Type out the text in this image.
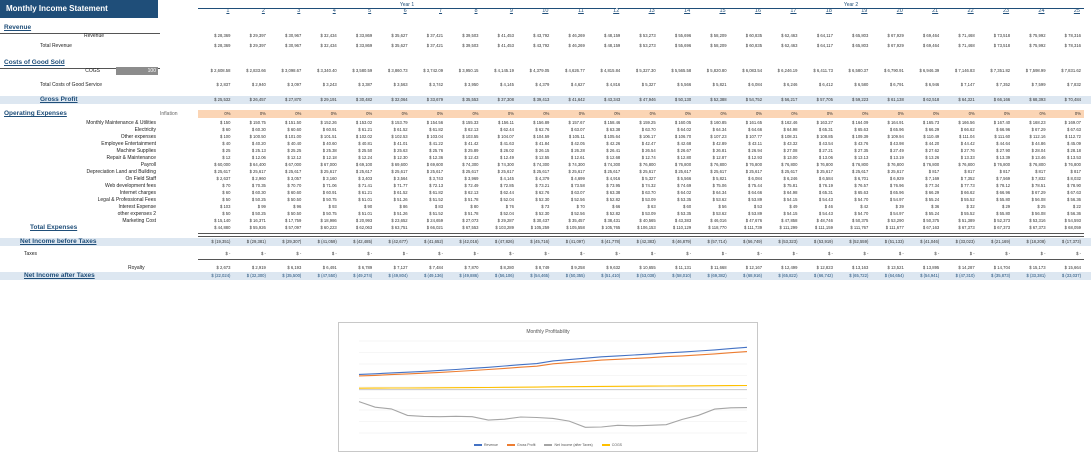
Monthly Income Statement	Year 1	Year 2
1	2	3	4	5	6	7	8	9	10	11	12	13	14	15	16	17	18	19	20	21	22	23	24	25
Revenue
Revenue	$ 28,369	$ 29,397	$ 30,967	$ 32,434	$ 33,869	$ 35,627	$ 37,421	$ 39,503	$ 41,453	$ 43,792	$ 46,269	$ 48,159	$ 53,273	$ 55,696	$ 58,209	$ 60,835	$ 62,463	$ 64,117	$ 65,803	$ 67,929	$ 69,464	$ 71,468	$ 73,518	$ 75,992	$ 78,316
Total Revenue	$ 28,369	$ 29,397	$ 30,967	$ 32,434	$ 33,869	$ 35,627	$ 37,421	$ 39,503	$ 41,453	$ 43,792	$ 46,269	$ 48,159	$ 53,273	$ 55,696	$ 58,209	$ 60,835	$ 62,463	$ 64,117	$ 65,803	$ 67,929	$ 69,464	$ 71,468	$ 73,518	$ 75,992	$ 78,316
Costs of Good Sold
100
COGS	$ 2,608.58	$ 2,833.66	$ 3,098.67	$ 3,340.40	$ 3,580.59	$ 3,860.73	$ 3,742.09	$ 3,950.15	$ 4,145.19	$ 4,379.05	$ 4,626.77	$ 4,815.84	$ 5,327.30	$ 5,565.58	$ 5,820.80	$ 6,083.54	$ 6,246.19	$ 6,411.73	$ 6,580.37	$ 6,790.91	$ 6,946.39	$ 7,146.83	$ 7,351.82	$ 7,598.99	$ 7,831.62
Total Costs of Good Service	$ 2,837	$ 2,940	$ 3,097	$ 3,243	$ 3,387	$ 3,563	$ 3,742	$ 3,950	$ 4,145	$ 4,379	$ 4,627	$ 4,816	$ 5,327	$ 5,566	$ 5,821	$ 6,084	$ 6,246	$ 6,412	$ 6,580	$ 6,791	$ 6,946	$ 7,147	$ 7,352	$ 7,599	$ 7,832
Gross Profit	$ 25,532	$ 26,457	$ 27,870	$ 29,191	$ 30,482	$ 32,064	$ 33,679	$ 35,553	$ 37,308	$ 39,413	$ 41,642	$ 43,343	$ 47,946	$ 50,130	$ 52,388	$ 54,752	$ 56,217	$ 57,705	$ 59,223	$ 61,138	$ 62,518	$ 64,321	$ 66,166	$ 68,393	$ 70,484
Operating Expenses	Inflation	0%	0%	0%	0%	0%	0%	0%	0%	0%	0%	0%	0%	0%	0%	0%	0%	0%	0%	0%	0%	0%	0%	0%	0%	0%
Monthly Maintenance & Utilities	$ 150	$ 150.75	$ 151.50	$ 152.26	$ 153.02	$ 153.79	$ 154.56	$ 155.33	$ 156.11	$ 156.89	$ 157.67	$ 158.46	$ 159.25	$ 160.05	$ 160.85	$ 161.65	$ 162.46	$ 163.27	$ 164.09	$ 164.91	$ 165.73	$ 166.56	$ 167.40	$ 168.23	$ 169.07
Electricity	$ 60	$ 60.30	$ 60.60	$ 60.91	$ 61.21	$ 61.52	$ 61.82	$ 62.13	$ 62.44	$ 62.76	$ 63.07	$ 63.38	$ 63.70	$ 64.02	$ 64.34	$ 64.66	$ 64.98	$ 65.31	$ 65.63	$ 65.96	$ 66.29	$ 66.62	$ 66.96	$ 67.29	$ 67.63
Other expenses	$ 100	$ 100.50	$ 101.00	$ 101.51	$ 102.02	$ 102.53	$ 103.04	$ 103.55	$ 104.07	$ 104.59	$ 105.11	$ 105.64	$ 106.17	$ 106.70	$ 107.23	$ 107.77	$ 108.31	$ 108.85	$ 109.39	$ 109.94	$ 110.49	$ 111.04	$ 111.60	$ 112.16	$ 112.72
Employee Entertainment	$ 40	$ 40.20	$ 40.40	$ 40.60	$ 40.81	$ 41.01	$ 41.22	$ 41.42	$ 41.63	$ 41.84	$ 42.05	$ 42.26	$ 42.47	$ 42.68	$ 42.89	$ 43.11	$ 43.32	$ 43.54	$ 43.76	$ 43.98	$ 44.20	$ 44.42	$ 44.64	$ 44.86	$ 45.09
Machine Supplies	$ 25	$ 25.13	$ 25.25	$ 25.38	$ 25.50	$ 25.63	$ 25.76	$ 25.89	$ 26.02	$ 26.15	$ 26.28	$ 26.41	$ 26.54	$ 26.67	$ 26.81	$ 26.94	$ 27.08	$ 27.21	$ 27.35	$ 27.49	$ 27.62	$ 27.76	$ 27.90	$ 28.04	$ 28.18
Repair & Maintenance	$ 12	$ 12.06	$ 12.12	$ 12.18	$ 12.24	$ 12.30	$ 12.36	$ 12.43	$ 12.49	$ 12.55	$ 12.61	$ 12.68	$ 12.74	$ 12.80	$ 12.87	$ 12.93	$ 13.00	$ 13.06	$ 13.13	$ 13.19	$ 13.26	$ 13.33	$ 13.39	$ 13.46	$ 13.53
Payroll	$ 60,000	$ 64,400	$ 67,000	$ 67,000	$ 69,100	$ 69,600	$ 69,600	$ 74,300	$ 74,300	$ 74,300	$ 74,300	$ 74,300	$ 76,800	$ 76,800	$ 76,800	$ 76,800	$ 76,800	$ 76,800	$ 76,800	$ 76,800	$ 76,800	$ 76,800	$ 76,800	$ 76,800	$ 76,800
Depreciation Land and Building	$ 25,617	$ 25,617	$ 25,617	$ 25,617	$ 25,617	$ 25,617	$ 25,617	$ 25,617	$ 25,617	$ 25,617	$ 25,617	$ 25,617	$ 25,617	$ 25,617	$ 25,617	$ 25,617	$ 25,617	$ 25,617	$ 25,617	$ 25,617	$ 817	$ 817	$ 817	$ 817	$ 817
On Field Staff	$ 2,637	$ 2,960	$ 3,057	$ 3,160	$ 3,403	$ 3,564	$ 3,743	$ 3,969	$ 4,145	$ 4,379	$ 4,699	$ 4,916	$ 5,327	$ 5,566	$ 5,821	$ 6,084	$ 6,246	$ 6,584	$ 6,701	$ 6,929	$ 7,169	$ 7,352	$ 7,569	$ 7,832	$ 8,032
Web development fees	$ 70	$ 70.35	$ 70.70	$ 71.06	$ 71.41	$ 71.77	$ 72.13	$ 72.49	$ 72.85	$ 73.21	$ 73.58	$ 73.95	$ 74.32	$ 74.69	$ 75.06	$ 75.44	$ 75.81	$ 76.19	$ 76.57	$ 76.96	$ 77.34	$ 77.73	$ 78.12	$ 78.51	$ 78.90
Internet charges	$ 60	$ 60.30	$ 60.60	$ 60.91	$ 61.21	$ 61.52	$ 61.82	$ 62.13	$ 62.44	$ 62.76	$ 63.07	$ 63.38	$ 63.70	$ 64.02	$ 64.34	$ 64.66	$ 64.98	$ 65.31	$ 65.63	$ 65.96	$ 66.29	$ 66.62	$ 66.96	$ 67.29	$ 67.63
Legal & Professional Fees	$ 50	$ 50.25	$ 50.50	$ 50.75	$ 51.01	$ 51.26	$ 51.52	$ 51.78	$ 52.04	$ 52.30	$ 52.56	$ 52.82	$ 53.09	$ 53.35	$ 53.62	$ 53.89	$ 54.15	$ 54.43	$ 54.70	$ 54.97	$ 55.24	$ 55.52	$ 55.80	$ 56.08	$ 56.36
Interest Expense	$ 103	$ 99	$ 96	$ 93	$ 90	$ 86	$ 83	$ 80	$ 76	$ 73	$ 70	$ 66	$ 63	$ 60	$ 56	$ 53	$ 49	$ 46	$ 42	$ 39	$ 36	$ 32	$ 29	$ 25	$ 22
other expenses 2	$ 50	$ 50.25	$ 50.50	$ 50.75	$ 51.01	$ 51.26	$ 51.52	$ 51.78	$ 52.04	$ 52.30	$ 52.56	$ 52.82	$ 53.09	$ 53.35	$ 53.62	$ 53.89	$ 54.15	$ 54.43	$ 54.70	$ 54.97	$ 55.24	$ 55.52	$ 55.80	$ 56.08	$ 56.36
Marketing Cost	$ 15,140	$ 16,371	$ 17,759	$ 18,986	$ 20,993	$ 23,652	$ 24,659	$ 27,073	$ 29,287	$ 30,437	$ 35,457	$ 38,431	$ 40,565	$ 43,383	$ 46,016	$ 47,676	$ 47,858	$ 48,746	$ 50,375	$ 53,290	$ 50,375	$ 51,389	$ 52,373	$ 53,316	$ 54,593
Total Expenses	$ 44,880	$ 55,926	$ 57,097	$ 60,223	$ 62,063	$ 63,751	$ 66,021	$ 67,553	$ 103,289	$ 105,259	$ 105,558	$ 105,765	$ 106,153	$ 110,129	$ 118,770	$ 111,739	$ 111,299	$ 111,159	$ 111,767	$ 111,677	$ 67,163	$ 67,373	$ 67,373	$ 67,373	$ 68,059
Net Income before Taxes	$ (19,351)	$ (29,381)	$ (29,307)	$ (41,059)	$ (42,485)	$ (42,677)	$ (41,652)	$ (42,016)	$ (47,826)	$ (45,716)	$ (41,097)	$ (41,778)	$ (42,383)	$ (46,879)	$ (57,714)	$ (56,749)	$ (53,323)	$ (53,919)	$ (52,559)	$ (51,133)	$ (41,046)	$ (33,023)	$ (21,169)	$ (18,208)	$ (17,373)
Taxes	$ -	$ -	$ -	$ -	$ -	$ -	$ -	$ -	$ -	$ -	$ -	$ -	$ -	$ -	$ -	$ -	$ -	$ -	$ -	$ -	$ -	$ -	$ -	$ -	$ -
Royalty	$ 2,673	$ 2,919	$ 6,193	$ 6,491	$ 6,789	$ 7,127	$ 7,484	$ 7,870	$ 8,280	$ 8,749	$ 9,258	$ 9,632	$ 10,655	$ 11,131	$ 11,668	$ 12,167	$ 12,499	$ 12,823	$ 13,163	$ 13,521	$ 13,895	$ 14,287	$ 14,704	$ 15,173	$ 15,664
Net Income after Taxes	$ (22,024)	$ (32,300)	$ (35,500)	$ (47,550)	$ (49,274)	$ (49,804)	$ (49,136)	$ (49,886)	$ (56,106)	$ (54,465)	$ (50,355)	$ (51,410)	$ (53,038)	$ (58,010)	$ (69,382)	$ (68,916)	$ (65,822)	$ (66,742)	$ (65,722)	$ (64,654)	$ (54,941)	$ (47,310)	$ (35,873)	$ (33,381)	$ (33,037)
Monthly Profitability
Revenue	Gross Profit	Net Income (after Taxes)	COGS
